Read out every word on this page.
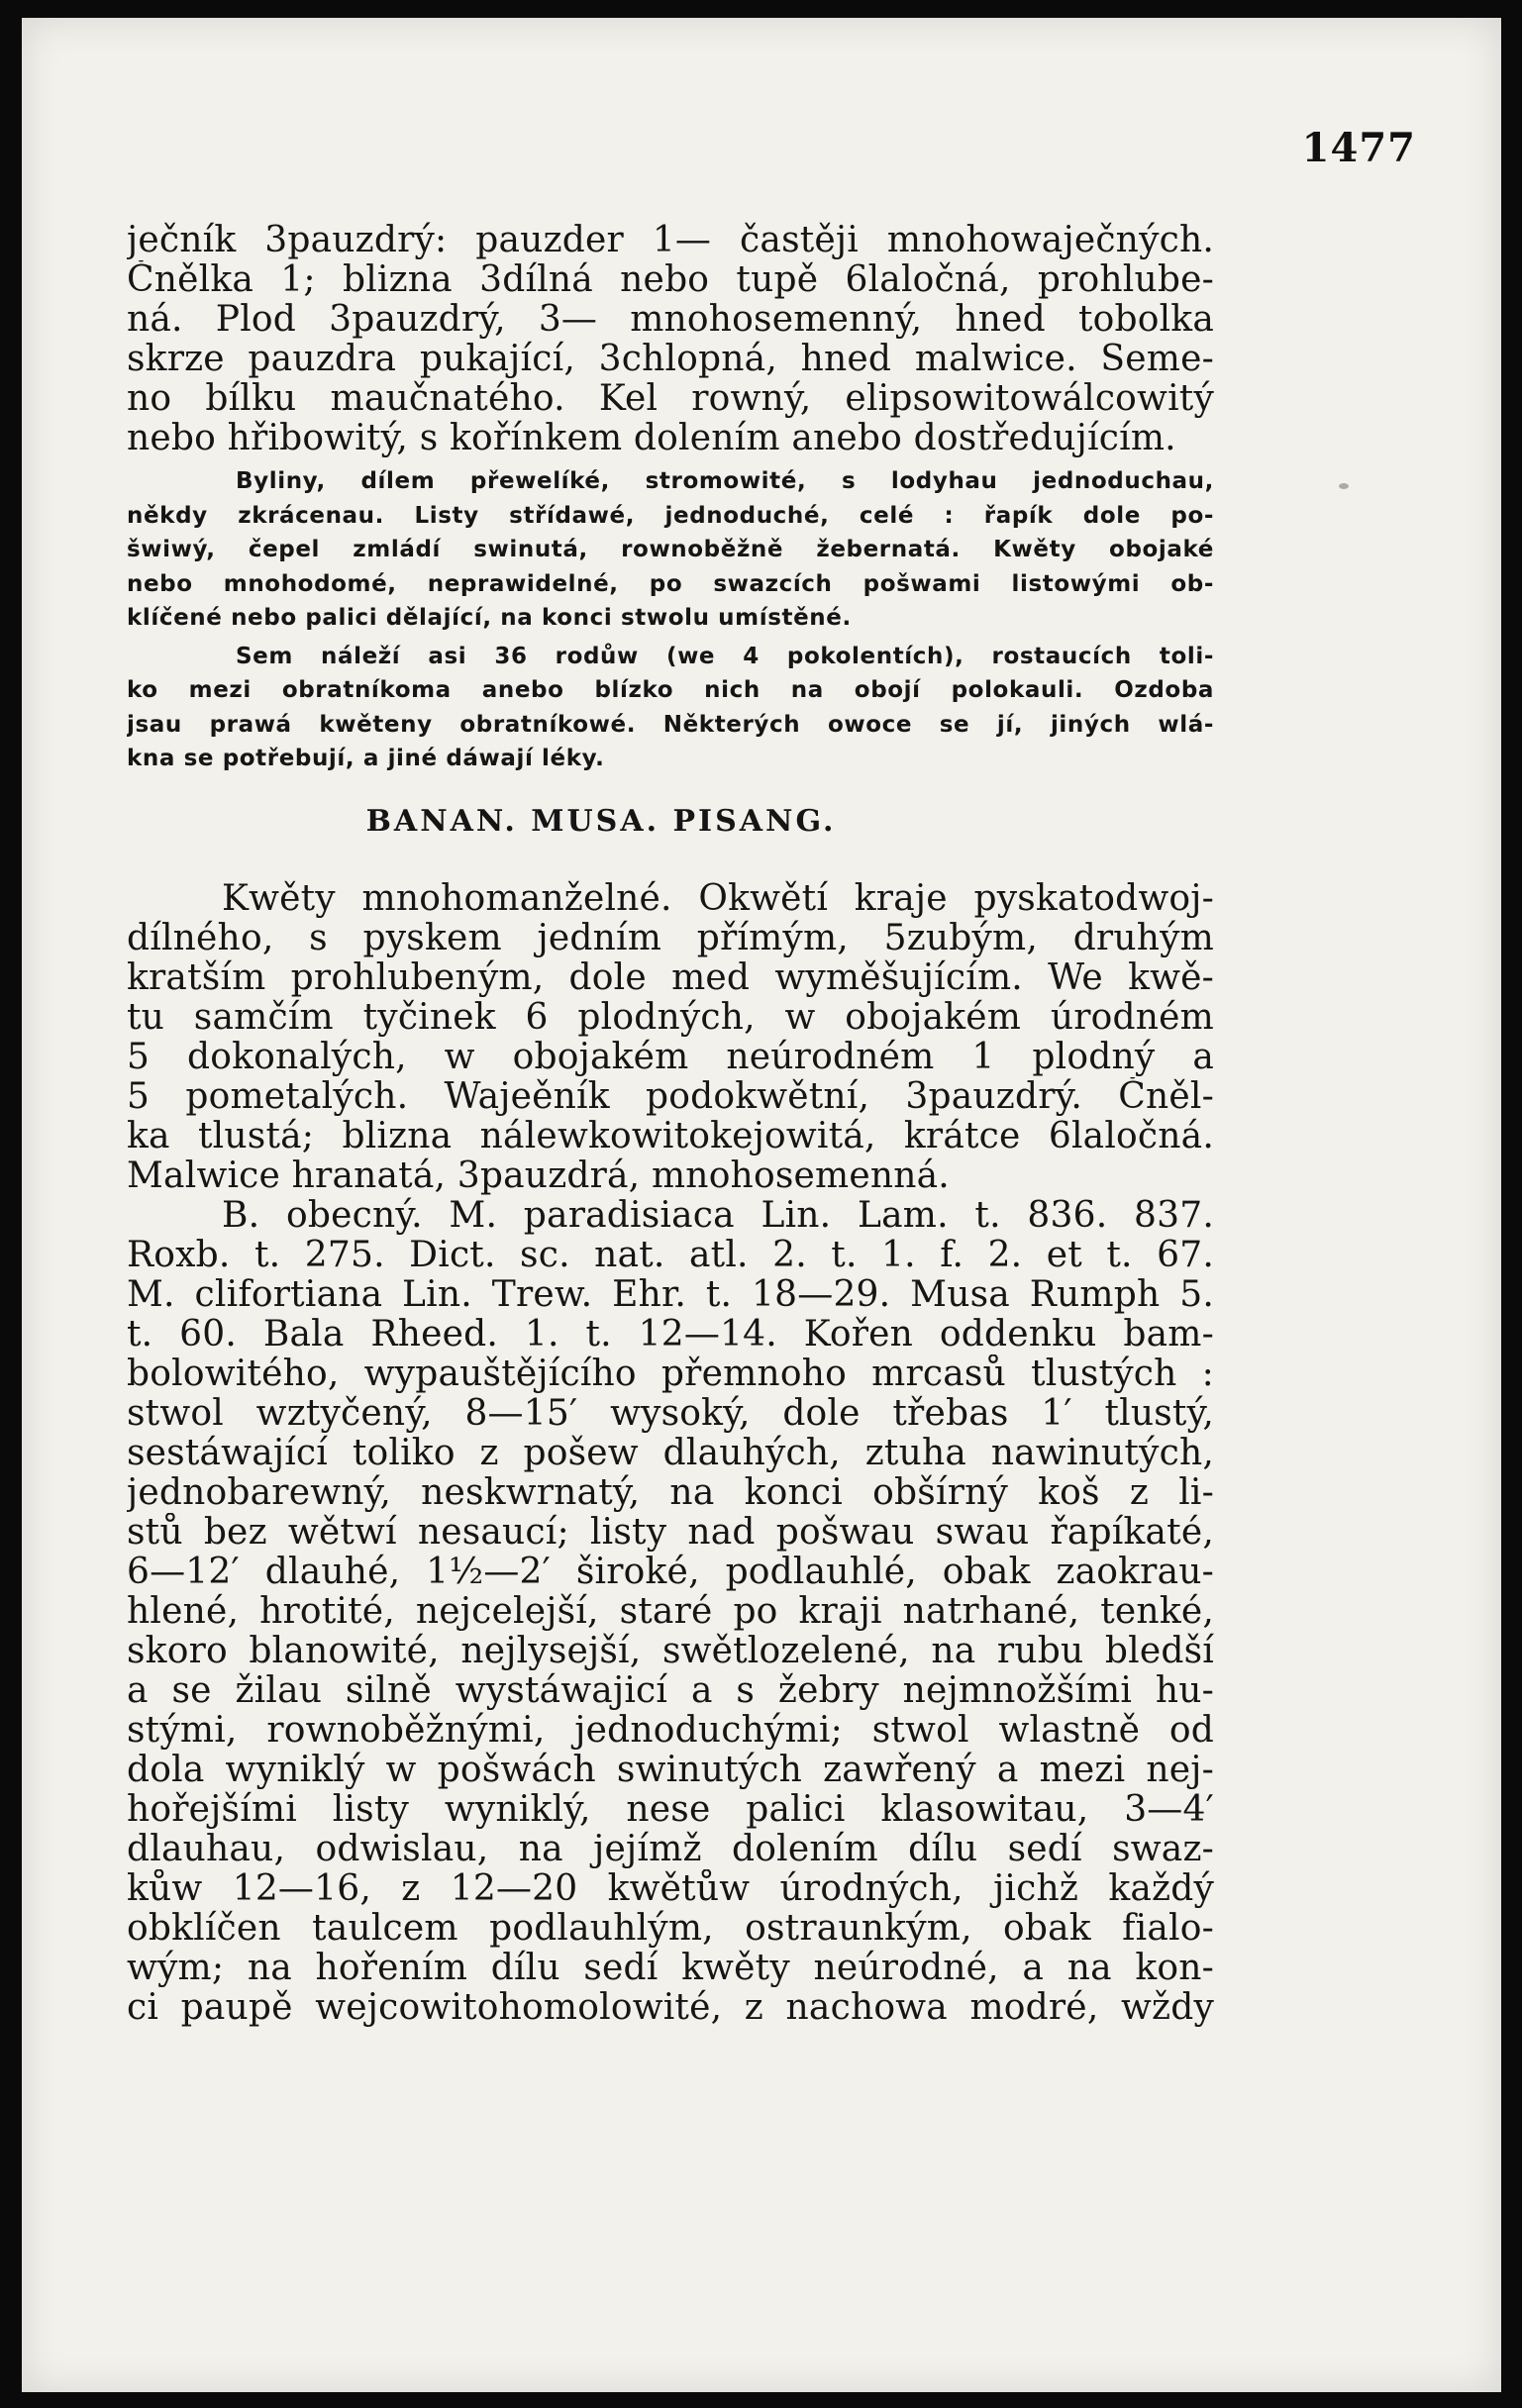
1477
ječník 3pauzdrý: pauzder 1— častěji mnohowaječných.
Čnělka 1; blizna 3dílná nebo tupě 6laločná, prohlube-
ná. Plod 3pauzdrý, 3— mnohosemenný, hned tobolka
skrze pauzdra pukající, 3chlopná, hned malwice. Seme-
no bílku maučnatého. Kel rowný, elipsowitowálcowitý
nebo hřibowitý, s kořínkem dolením anebo dostředujícím.
Byliny, dílem přewelíké, stromowité, s lodyhau jednoduchau,
někdy zkrácenau. Listy střídawé, jednoduché, celé : řapík dole po-
šwiwý, čepel zmládí swinutá, rownoběžně žebernatá. Kwěty obojaké
nebo mnohodomé, neprawidelné, po swazcích pošwami listowými ob-
klíčené nebo palici dělající, na konci stwolu umístěné.
Sem náleží asi 36 rodůw (we 4 pokolentích), rostaucích toli-
ko mezi obratníkoma anebo blízko nich na obojí polokauli. Ozdoba
jsau prawá kwěteny obratníkowé. Některých owoce se jí, jiných wlá-
kna se potřebují, a jiné dáwají léky.
BANAN. MUSA. PISANG.
Kwěty mnohomanželné. Okwětí kraje pyskatodwoj-
dílného, s pyskem jedním přímým, 5zubým, druhým
kratším prohlubeným, dole med wyměšujícím. We kwě-
tu samčím tyčinek 6 plodných, w obojakém úrodném
5 dokonalých, w obojakém neúrodném 1 plodný a
5 pometalých. Wajeěník podokwětní, 3pauzdrý. Čněl-
ka tlustá; blizna nálewkowitokejowitá, krátce 6laločná.
Malwice hranatá, 3pauzdrá, mnohosemenná.
B. obecný. M. paradisiaca Lin. Lam. t. 836. 837.
Roxb. t. 275. Dict. sc. nat. atl. 2. t. 1. f. 2. et t. 67.
M. clifortiana Lin. Trew. Ehr. t. 18—29. Musa Rumph 5.
t. 60. Bala Rheed. 1. t. 12—14. Kořen oddenku bam-
bolowitého, wypauštějícího přemnoho mrcasů tlustých :
stwol wztyčený, 8—15′ wysoký, dole třebas 1′ tlustý,
sestáwající toliko z pošew dlauhých, ztuha nawinutých,
jednobarewný, neskwrnatý, na konci obšírný koš z li-
stů bez wětwí nesaucí; listy nad pošwau swau řapíkaté,
6—12′ dlauhé, 1½—2′ široké, podlauhlé, obak zaokrau-
hlené, hrotité, nejcelejší, staré po kraji natrhané, tenké,
skoro blanowité, nejlysejší, swětlozelené, na rubu bledší
a se žilau silně wystáwajicí a s žebry nejmnožšími hu-
stými, rownoběžnými, jednoduchými; stwol wlastně od
dola wyniklý w pošwách swinutých zawřený a mezi nej-
hořejšími listy wyniklý, nese palici klasowitau, 3—4′
dlauhau, odwislau, na jejímž dolením dílu sedí swaz-
kůw 12—16, z 12—20 kwětůw úrodných, jichž každý
obklíčen taulcem podlauhlým, ostraunkým, obak fialo-
wým; na hořením dílu sedí kwěty neúrodné, a na kon-
ci paupě wejcowitohomolowité, z nachowa modré, wždy
